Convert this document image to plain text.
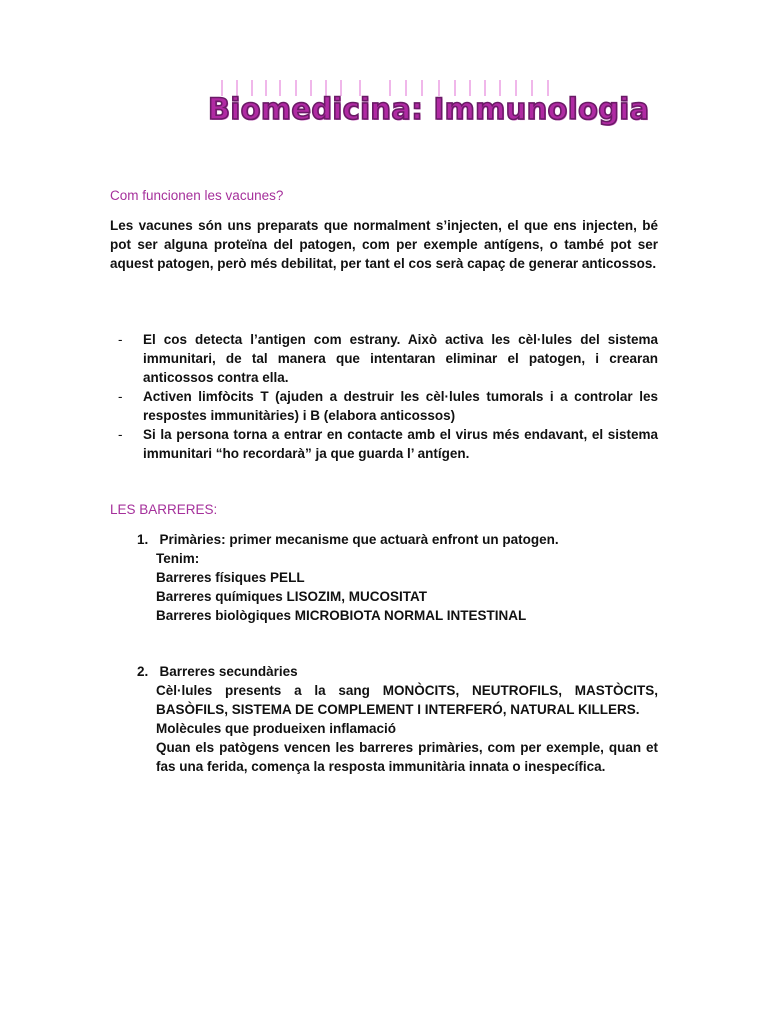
Biomedicina: Immunologia
Com funcionen les vacunes?

Les vacunes són uns preparats que normalment s’injecten, el que ens injecten, bé pot ser alguna proteïna del patogen, com per exemple antígens, o també pot ser aquest patogen, però més debilitat, per tant el cos serà capaç de generar anticossos.

- El cos detecta l’antigen com estrany. Això activa les cèl·lules del sistema immunitari, de tal manera que intentaran eliminar el patogen, i crearan anticossos contra ella.
- Activen limfòcits T (ajuden a destruir les cèl·lules tumorals i a controlar les respostes immunitàries) i B (elabora anticossos)
- Si la persona torna a entrar en contacte amb el virus més endavant, el sistema immunitari “ho recordarà” ja que guarda l’ antígen.
LES BARRERES:
1. Primàries: primer mecanisme que actuarà enfront un patogen.
Tenim:
Barreres físiques PELL
Barreres químiques LISOZIM, MUCOSITAT
Barreres biològiques MICROBIOTA NORMAL INTESTINAL
2. Barreres secundàries
Cèl·lules presents a la sang MONÒCITS, NEUTROFILS, MASTÒCITS, BASÒFILS, SISTEMA DE COMPLEMENT I INTERFERÓ, NATURAL KILLERS.
Molècules que produeixen inflamació
Quan els patògens vencen les barreres primàries, com per exemple, quan et fas una ferida, comença la resposta immunitària innata o inespecífica.
